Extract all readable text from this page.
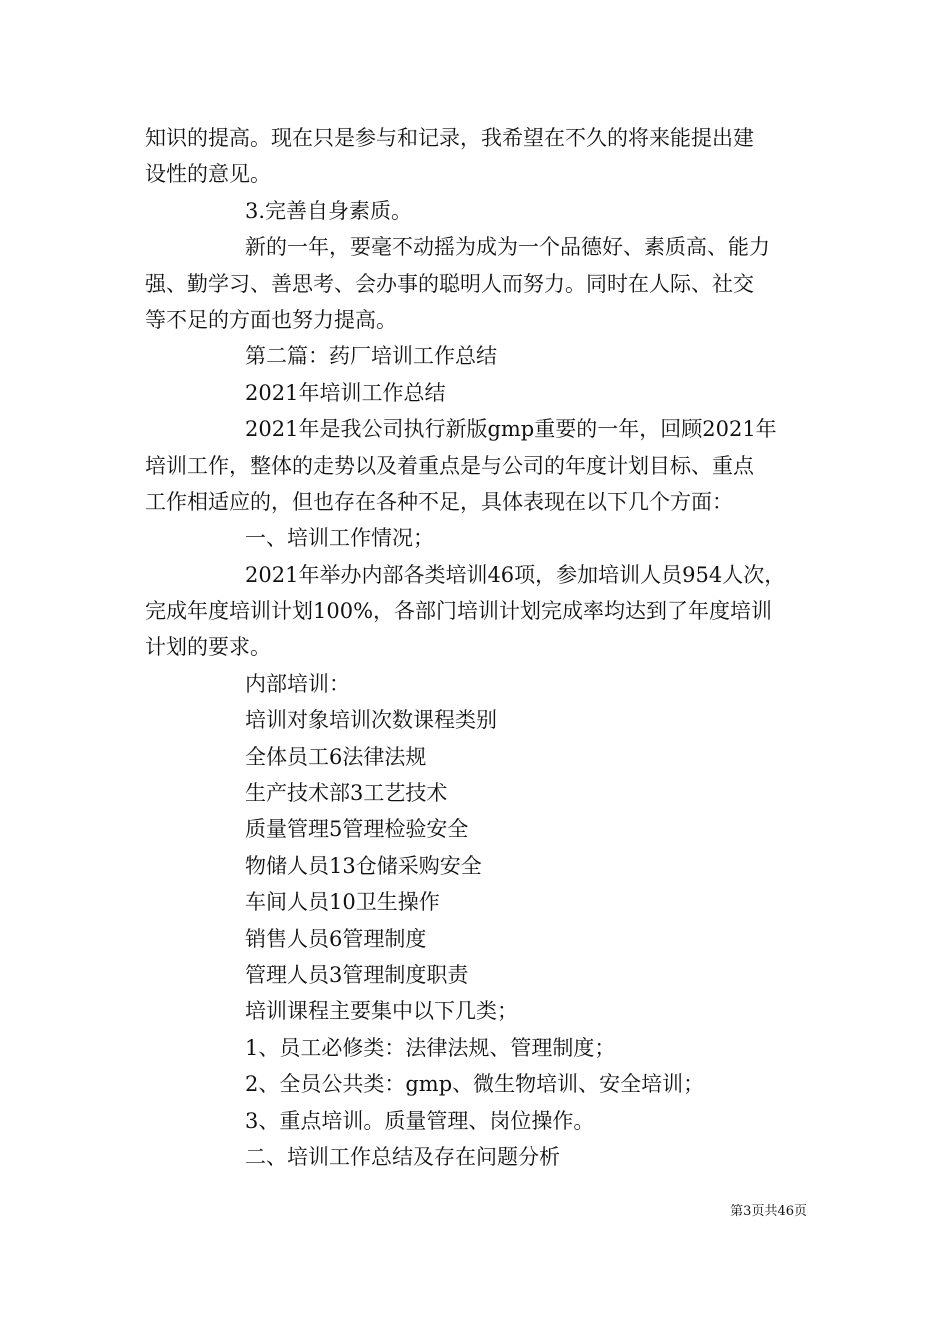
知识的提高。现在只是参与和记录，我希望在不久的将来能提出建
设性的意见。
3.完善自身素质。
新的一年，要毫不动摇为成为一个品德好、素质高、能力
强、勤学习、善思考、会办事的聪明人而努力。同时在人际、社交
等不足的方面也努力提高。
第二篇：药厂培训工作总结
2021年培训工作总结
2021年是我公司执行新版gmp重要的一年，回顾2021年
培训工作，整体的走势以及着重点是与公司的年度计划目标、重点
工作相适应的，但也存在各种不足，具体表现在以下几个方面：
一、培训工作情况；
2021年举办内部各类培训46项，参加培训人员954人次，
完成年度培训计划100%，各部门培训计划完成率均达到了年度培训
计划的要求。
内部培训：
培训对象培训次数课程类别
全体员工6法律法规
生产技术部3工艺技术
质量管理5管理检验安全
物储人员13仓储采购安全
车间人员10卫生操作
销售人员6管理制度
管理人员3管理制度职责
培训课程主要集中以下几类；
1、员工必修类：法律法规、管理制度；
2、全员公共类：gmp、微生物培训、安全培训；
3、重点培训。质量管理、岗位操作。
二、培训工作总结及存在问题分析
第3页共46页
